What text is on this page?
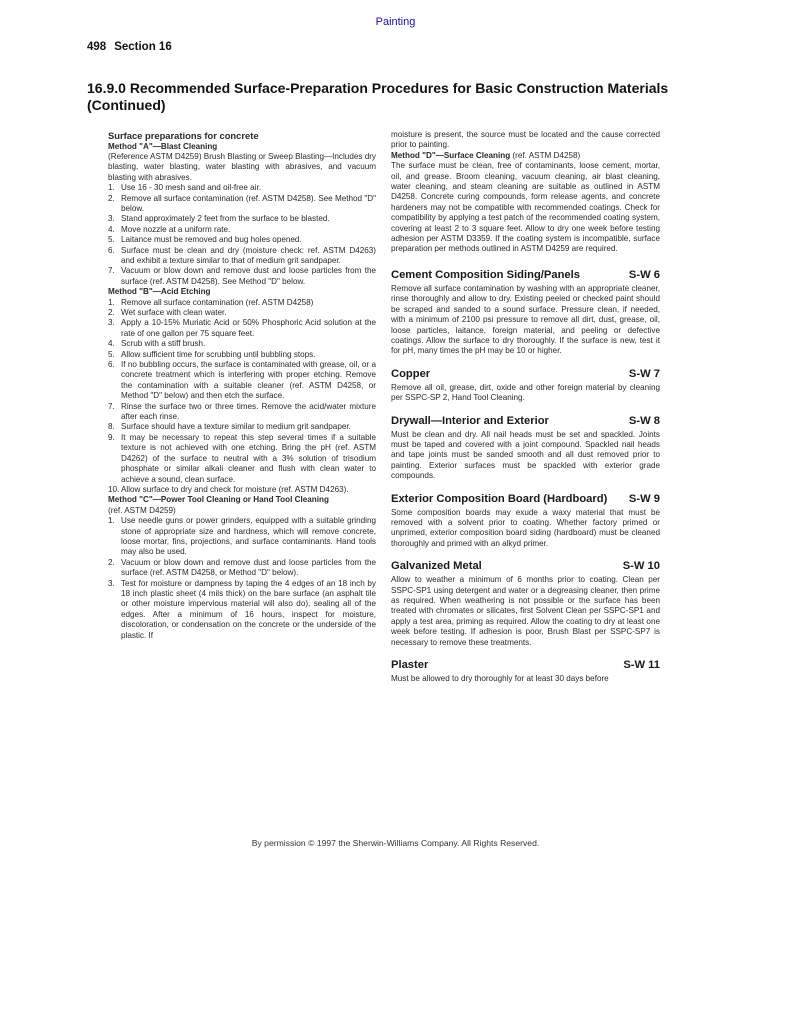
Painting
498 Section 16
16.9.0 Recommended Surface-Preparation Procedures for Basic Construction Materials (Continued)

Surface preparations for concrete

Method "A"—Blast Cleaning

(Reference ASTM D4259) Brush Blasting or Sweep Blasting—Includes dry blasting, water blasting, water blasting with abrasives, and vacuum blasting with abrasives.

1. Use 16 - 30 mesh sand and oil-free air.
2. Remove all surface contamination (ref. ASTM D4258). See Method "D" below.
3. Stand approximately 2 feet from the surface to be blasted.
4. Move nozzle at a uniform rate.
5. Laitance must be removed and bug holes opened.
6. Surface must be clean and dry (moisture check: ref. ASTM D4263) and exhibit a texture similar to that of medium grit sandpaper.
7. Vacuum or blow down and remove dust and loose particles from the surface (ref. ASTM D4258). See Method "D" below.

Method "B"—Acid Etching

1. Remove all surface contamination (ref. ASTM D4258)
2. Wet surface with clean water.
3. Apply a 10-15% Muriatic Acid or 50% Phosphoric Acid solution at the rate of one gallon per 75 square feet.
4. Scrub with a stiff brush.
5. Allow sufficient time for scrubbing until bubbling stops.
6. If no bubbling occurs, the surface is contaminated with grease, oil, or a concrete treatment which is interfering with proper etching. Remove the contamination with a suitable cleaner (ref. ASTM D4258, or Method "D" below) and then etch the surface.
7. Rinse the surface two or three times. Remove the acid/water mixture after each rinse.
8. Surface should have a texture similar to medium grit sandpaper.
9. It may be necessary to repeat this step several times if a suitable texture is not achieved with one etching. Bring the pH (ref. ASTM D4262) of the surface to neutral with a 3% solution of trisodium phosphate or similar alkali cleaner and flush with clean water to achieve a sound, clean surface.
10. Allow surface to dry and check for moisture (ref. ASTM D4263).

Method "C"—Power Tool Cleaning or Hand Tool Cleaning

(ref. ASTM D4259)

1. Use needle guns or power grinders, equipped with a suitable grinding stone of appropriate size and hardness, which will remove concrete, loose mortar, fins, projections, and surface contaminants. Hand tools may also be used.
2. Vacuum or blow down and remove dust and loose particles from the surface (ref. ASTM D4258, or Method "D" below).
3. Test for moisture or dampness by taping the 4 edges of an 18 inch by 18 inch plastic sheet (4 mils thick) on the bare surface (an asphalt tile or other moisture impervious material will also do), sealing all of the edges. After a minimum of 16 hours, inspect for moisture, discoloration, or condensation on the concrete or the underside of the plastic. If

moisture is present, the source must be located and the cause corrected prior to painting.

Method "D"—Surface Cleaning (ref. ASTM D4258)

The surface must be clean, free of contaminants, loose cement, mortar, oil, and grease. Broom cleaning, vacuum cleaning, air blast cleaning, water cleaning, and steam cleaning are suitable as outlined in ASTM D4258. Concrete curing compounds, form release agents, and concrete hardeners may not be compatible with recommended coatings. Check for compatibility by applying a test patch of the recommended coating system, covering at least 2 to 3 square feet. Allow to dry one week before testing adhesion per ASTM D3359. If the coating system is incompatible, surface preparation per methods outlined in ASTM D4259 are required.

Cement Composition Siding/Panels	S-W 6

Remove all surface contamination by washing with an appropriate cleaner, rinse thoroughly and allow to dry. Existing peeled or checked paint should be scraped and sanded to a sound surface. Pressure clean, if needed, with a minimum of 2100 psi pressure to remove all dirt, dust, grease, oil, loose particles, laitance, foreign material, and peeling or defective coatings. Allow the surface to dry thoroughly. If the surface is new, test it for pH, many times the pH may be 10 or higher.

Copper	S-W 7

Remove all oil, grease, dirt, oxide and other foreign material by cleaning per SSPC-SP 2, Hand Tool Cleaning.

Drywall—Interior and Exterior	S-W 8

Must be clean and dry. All nail heads must be set and spackled. Joints must be taped and covered with a joint compound. Spackled nail heads and tape joints must be sanded smooth and all dust removed prior to painting. Exterior surfaces must be spackled with exterior grade compounds.

Exterior Composition Board (Hardboard) S-W 9

Some composition boards may exude a waxy material that must be removed with a solvent prior to coating. Whether factory primed or unprimed, exterior composition board siding (hardboard) must be cleaned thoroughly and primed with an alkyd primer.

Galvanized Metal	S-W 10

Allow to weather a minimum of 6 months prior to coating. Clean per SSPC-SP1 using detergent and water or a degreasing cleaner, then prime as required. When weathering is not possible or the surface has been treated with chromates or silicates, first Solvent Clean per SSPC-SP1 and apply a test area, priming as required. Allow the coating to dry at least one week before testing. If adhesion is poor, Brush Blast per SSPC-SP7 is necessary to remove these treatments.

Plaster	S-W 11

Must be allowed to dry thoroughly for at least 30 days before

By permission © 1997 the Sherwin-Williams Company. All Rights Reserved.
